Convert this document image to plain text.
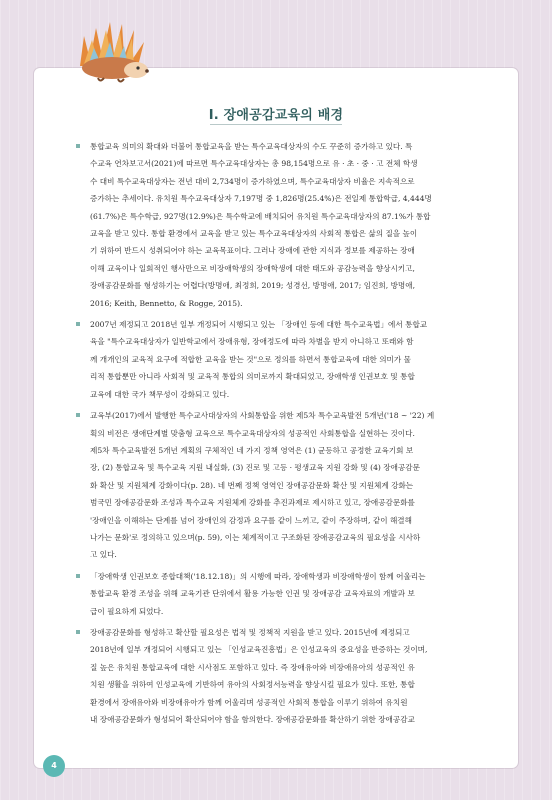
I. 장애공감교육의 배경
통합교육 의미의 확대와 더불어 통합교육을 받는 특수교육대상자의 수도 꾸준히 증가하고 있다. 특
수교육 연차보고서(2021)에 따르면 특수교육대상자는 총 98,154명으로 유 · 초 · 중 · 고 전체 학생
수 대비 특수교육대상자는 전년 대비 2,734명이 증가하였으며, 특수교육대상자 비율은 지속적으로
증가하는 추세이다. 유치원 특수교육대상자 7,197명 중 1,826명(25.4%)은 전일제 통합학급, 4,444명
(61.7%)은 특수학급, 927명(12.9%)은 특수학교에 배치되어 유치원 특수교육대상자의 87.1%가 통합
교육을 받고 있다. 통합 환경에서 교육을 받고 있는 특수교육대상자의 사회적 통합은 삶의 질을 높이
기 위하여 반드시 성취되어야 하는 교육목표이다. 그러나 장애에 관한 지식과 정보를 제공하는 장애
이해 교육이나 일회적인 행사만으로 비장애학생의 장애학생에 대한 태도와 공감능력을 향상시키고,
장애공감문화를 형성하기는 어렵다(방명애, 최정희, 2019; 성경선, 방명애, 2017; 임진희, 방명애,
2016; Keith, Bennetto, & Rogge, 2015).
2007년 제정되고 2018년 일부 개정되어 시행되고 있는 「장애인 등에 대한 특수교육법」에서 통합교
육을 "특수교육대상자가 일반학교에서 장애유형, 장애정도에 따라 차별을 받지 아니하고 또래와 함
께 개개인의 교육적 요구에 적합한 교육을 받는 것"으로 정의를 하면서 통합교육에 대한 의미가 물
리적 통합뿐만 아니라 사회적 및 교육적 통합의 의미로까지 확대되었고, 장애학생 인권보호 및 통합
교육에 대한 국가 책무성이 강화되고 있다.
교육부(2017)에서 발행한 특수교사대상자의 사회통합을 위한 제5차 특수교육발전 5개년('18 ~ '22) 계
획의 비전은 생애단계별 맞춤형 교육으로 특수교육대상자의 성공적인 사회통합을 실현하는 것이다.
제5차 특수교육발전 5개년 계획의 구체적인 네 가지 정책 영역은 (1) 균등하고 공정한 교육기회 보
장, (2) 통합교육 및 특수교육 지원 내실화, (3) 진로 및 고등 · 평생교육 지원 강화 및 (4) 장애공감문
화 확산 및 지원체계 강화이다(p. 28). 네 번째 정책 영역인 장애공감문화 확산 및 지원체계 강화는
범국민 장애공감문화 조성과 특수교육 지원체계 강화를 추진과제로 제시하고 있고, 장애공감문화를
'장애인을 이해하는 단계를 넘어 장애인의 감정과 요구를 같이 느끼고, 같이 주장하며, 같이 해결해
나가는 문화'로 정의하고 있으며(p. 59), 이는 체계적이고 구조화된 장애공감교육의 필요성을 시사하
고 있다.
「장애학생 인권보호 종합대책('18.12.18)」의 시행에 따라, 장애학생과 비장애학생이 함께 어울리는
통합교육 환경 조성을 위해 교육기관 단위에서 활용 가능한 인권 및 장애공감 교육자료의 개발과 보
급이 필요하게 되었다.
장애공감문화를 형성하고 확산할 필요성은 법적 및 정책적 지원을 받고 있다. 2015년에 제정되고
2018년에 일부 개정되어 시행되고 있는 「인성교육진흥법」은 인성교육의 중요성을 반증하는 것이며,
질 높은 유치원 통합교육에 대한 시사점도 포함하고 있다. 즉 장애유아와 비장애유아의 성공적인 유
치원 생활을 위하여 인성교육에 기반하여 유아의 사회정서능력을 향상시킬 필요가 있다. 또한, 통합
환경에서 장애유아와 비장애유아가 함께 어울리며 성공적인 사회적 통합을 이루기 위하여 유치원
내 장애공감문화가 형성되어 확산되어야 함을 함의한다. 장애공감문화를 확산하기 위한 장애공감교
4
